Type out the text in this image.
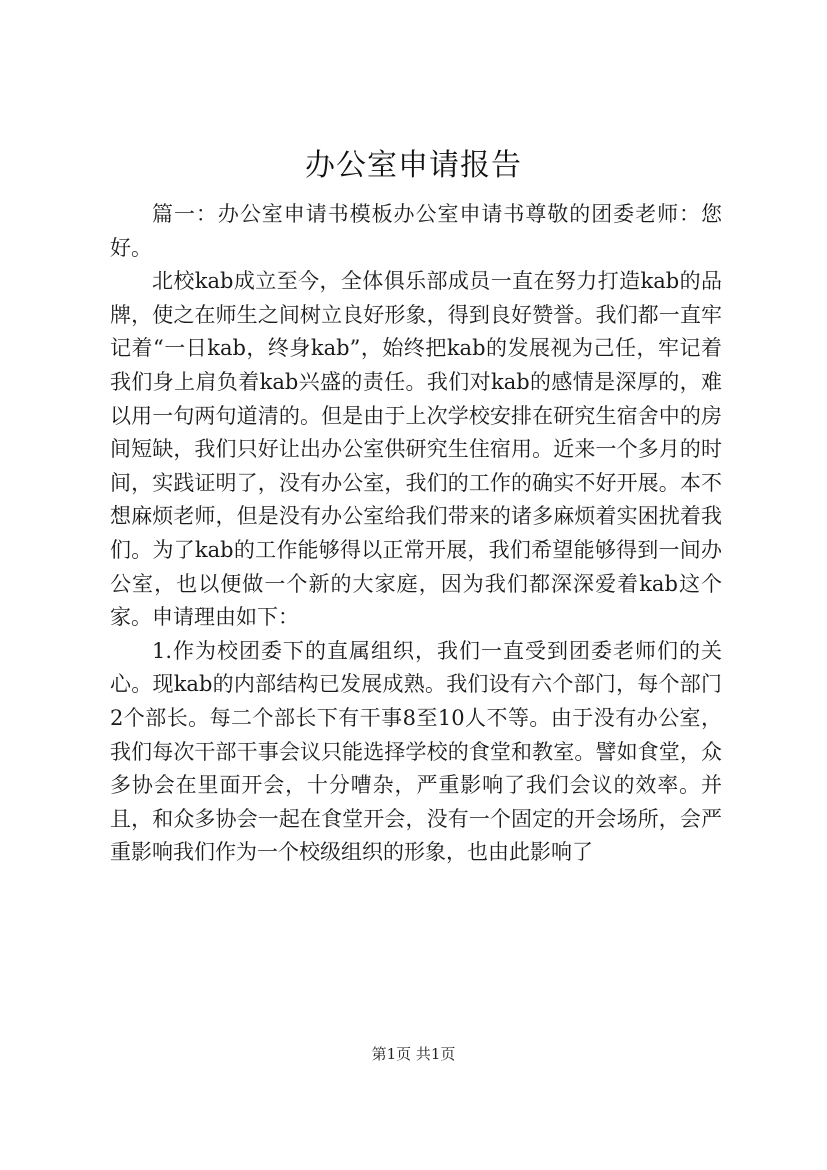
办公室申请报告

篇一：办公室申请书模板办公室申请书尊敬的团委老师：您好。

北校kab成立至今，全体俱乐部成员一直在努力打造kab的品牌，使之在师生之间树立良好形象，得到良好赞誉。我们都一直牢记着“一日kab，终身kab”，始终把kab的发展视为己任，牢记着我们身上肩负着kab兴盛的责任。我们对kab的感情是深厚的，难以用一句两句道清的。但是由于上次学校安排在研究生宿舍中的房间短缺，我们只好让出办公室供研究生住宿用。近来一个多月的时间，实践证明了，没有办公室，我们的工作的确实不好开展。本不想麻烦老师，但是没有办公室给我们带来的诸多麻烦着实困扰着我们。为了kab的工作能够得以正常开展，我们希望能够得到一间办公室，也以便做一个新的大家庭，因为我们都深深爱着kab这个家。申请理由如下：

1.作为校团委下的直属组织，我们一直受到团委老师们的关心。现kab的内部结构已发展成熟。我们设有六个部门，每个部门2个部长。每二个部长下有干事8至10人不等。由于没有办公室，我们每次干部干事会议只能选择学校的食堂和教室。譬如食堂，众多协会在里面开会，十分嘈杂，严重影响了我们会议的效率。并且，和众多协会一起在食堂开会，没有一个固定的开会场所，会严重影响我们作为一个校级组织的形象，也由此影响了

第1页 共1页
